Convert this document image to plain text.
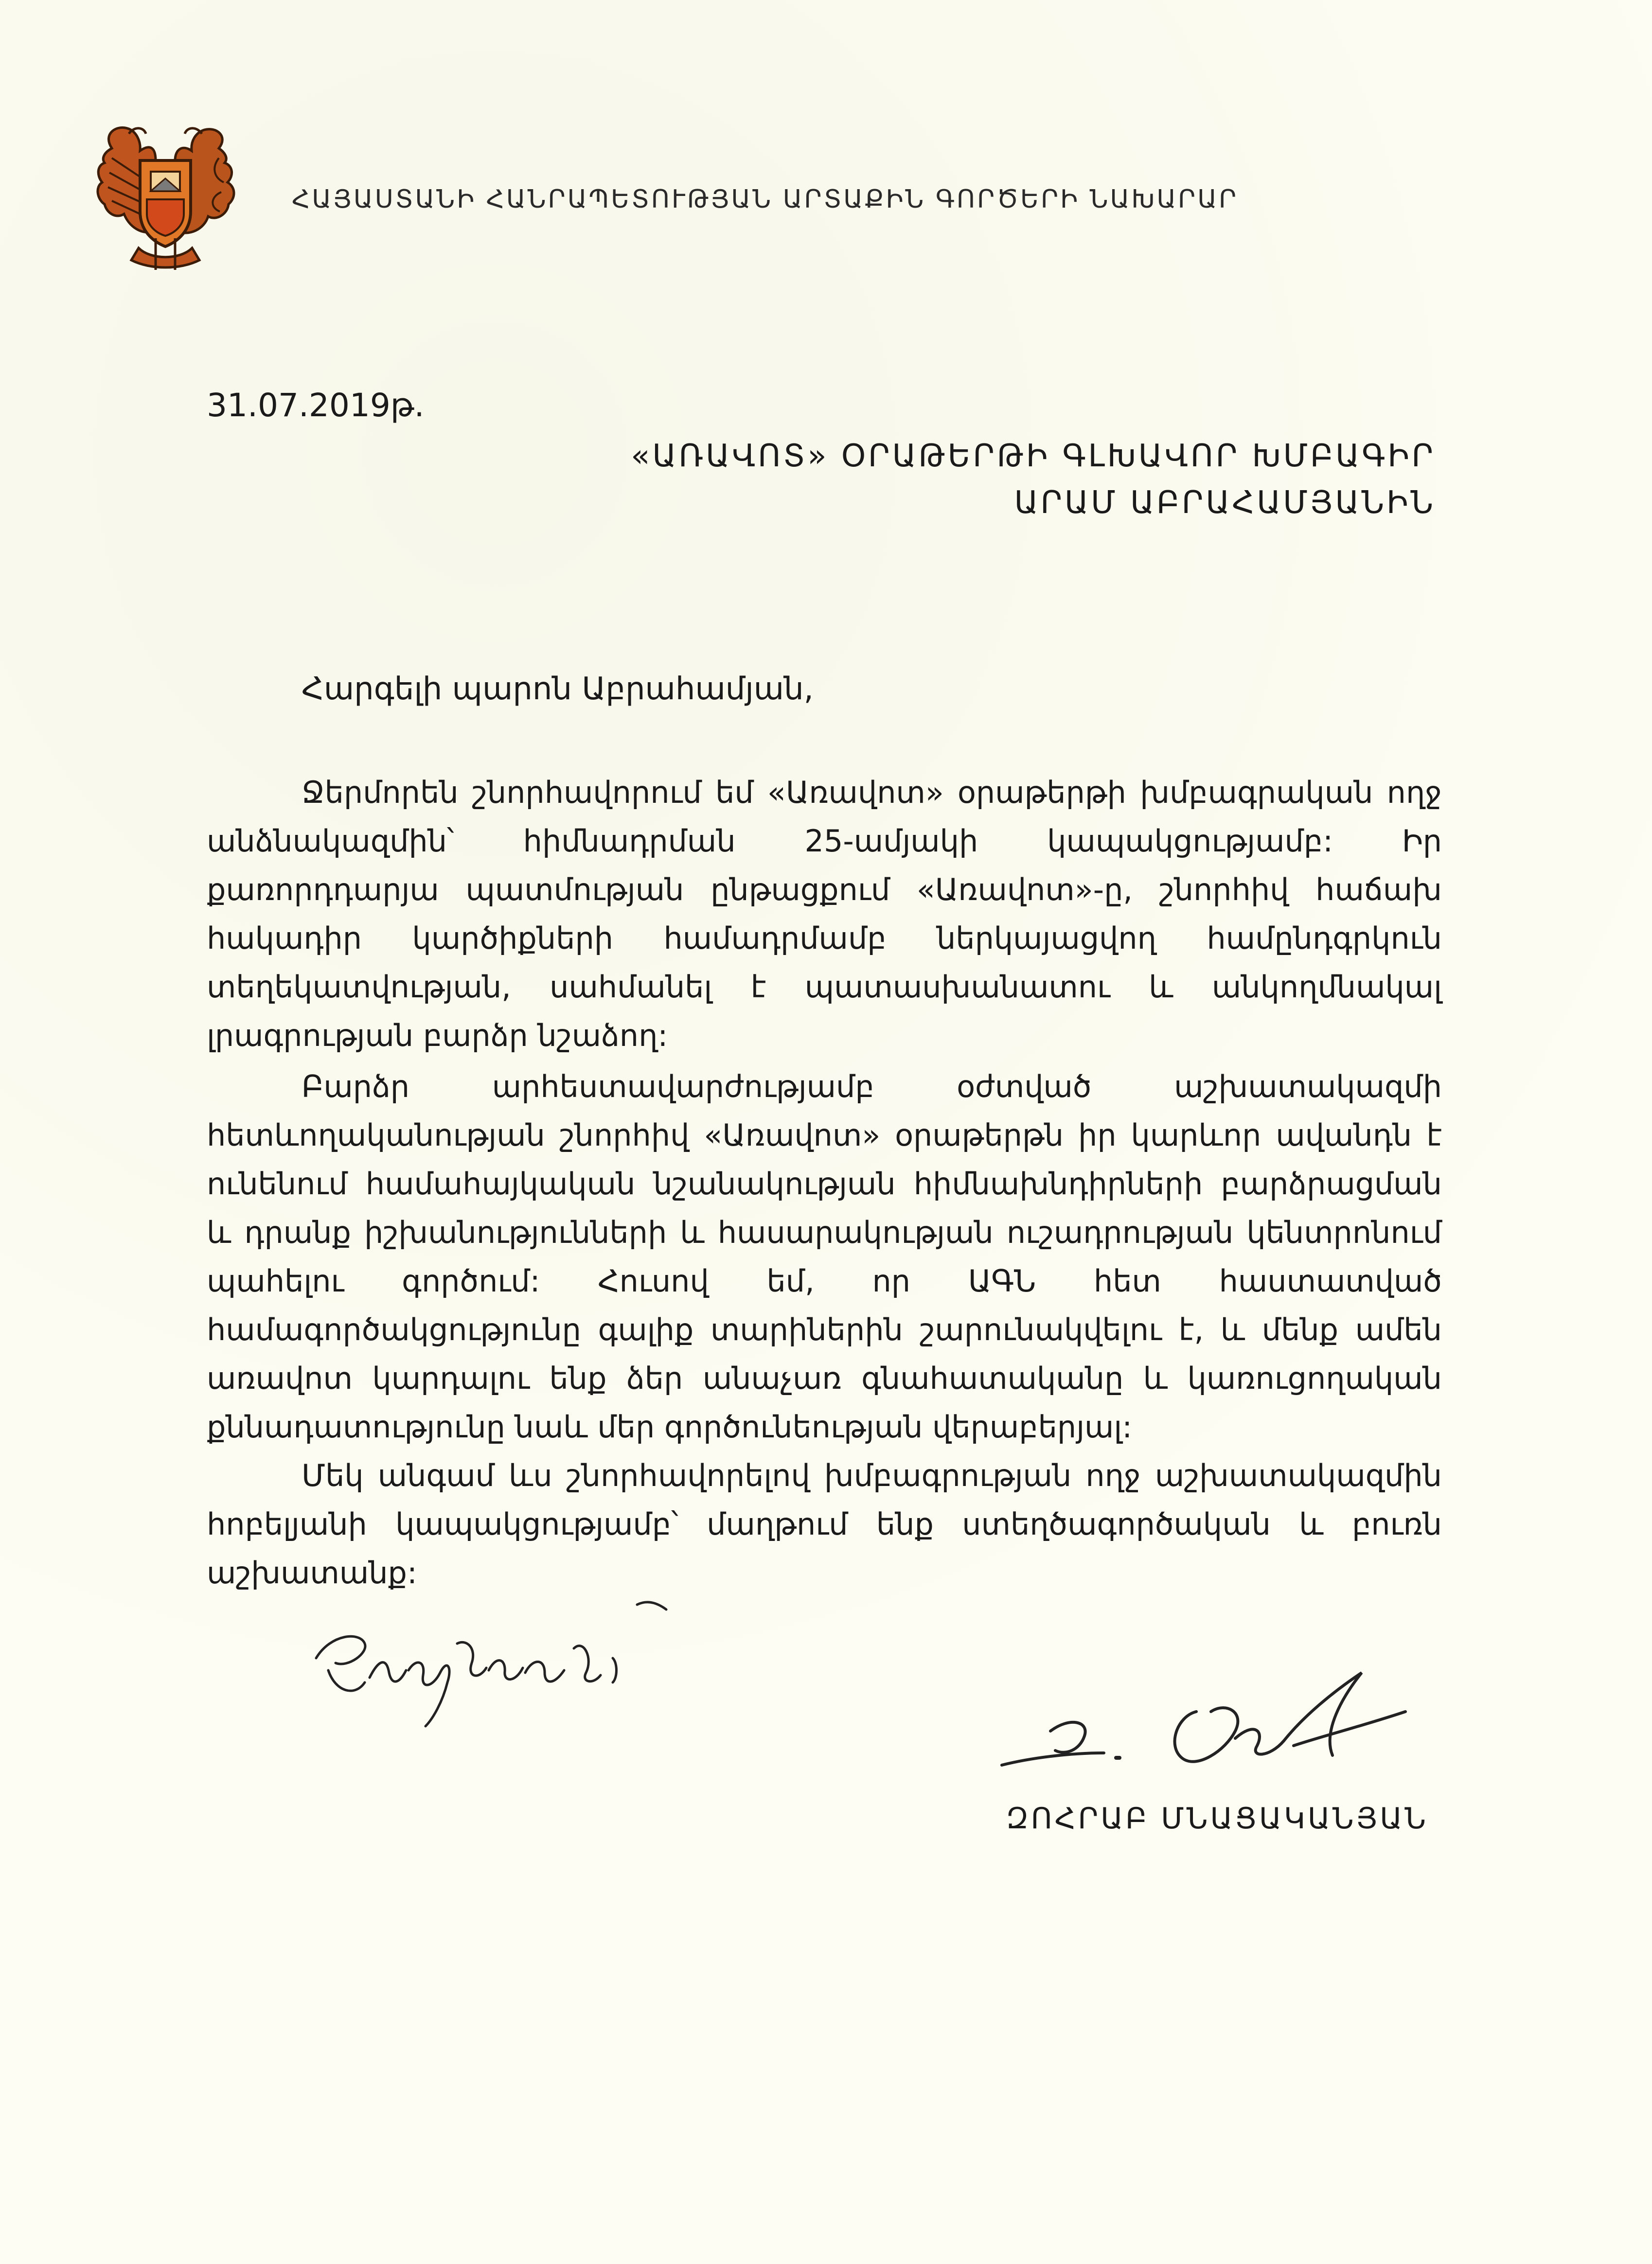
ՀԱՅԱՍՏԱՆԻ ՀԱՆՐԱՊԵՏՈՒԹՅԱՆ ԱՐՏԱՔԻՆ ԳՈՐԾԵՐԻ ՆԱԽԱՐԱՐ
31.07.2019թ.
«ԱՌԱՎՈՏ» ՕՐԱԹԵՐԹԻ ԳԼԽԱՎՈՐ ԽՄԲԱԳԻՐ
ԱՐԱՄ ԱԲՐԱՀԱՄՅԱՆԻՆ
Հարգելի պարոն Աբրահամյան,

Ջերմորեն շնորհավորում եմ «Առավոտ» օրաթերթի խմբագրական ողջ անձնակազմին՝ հիմնադրման 25-ամյակի կապակցությամբ: Իր քառորդդարյա պատմության ընթացքում «Առավոտ»-ը, շնորհիվ հաճախ հակադիր կարծիքների համադրմամբ ներկայացվող համընդգրկուն տեղեկատվության, սահմանել է պատասխանատու և անկողմնակալ լրագրության բարձր նշաձող:

Բարձր արհեստավարժությամբ օժտված աշխատակազմի հետևողականության շնորհիվ «Առավոտ» օրաթերթն իր կարևոր ավանդն է ունենում համահայկական նշանակության հիմնախնդիրների բարձրացման և դրանք իշխանությունների և հասարակության ուշադրության կենտրոնում պահելու գործում: Հուսով եմ, որ ԱԳՆ հետ հաստատված համագործակցությունը գալիք տարիներին շարունակվելու է, և մենք ամեն առավոտ կարդալու ենք ձեր անաչառ գնահատականը և կառուցողական քննադատությունը նաև մեր գործունեության վերաբերյալ:

Մեկ անգամ ևս շնորհավորելով խմբագրության ողջ աշխատակազմին հոբելյանի կապակցությամբ՝ մաղթում ենք ստեղծագործական և բուռն աշխատանք:

ԶՈՀՐԱԲ ՄՆԱՑԱԿԱՆՅԱՆ
